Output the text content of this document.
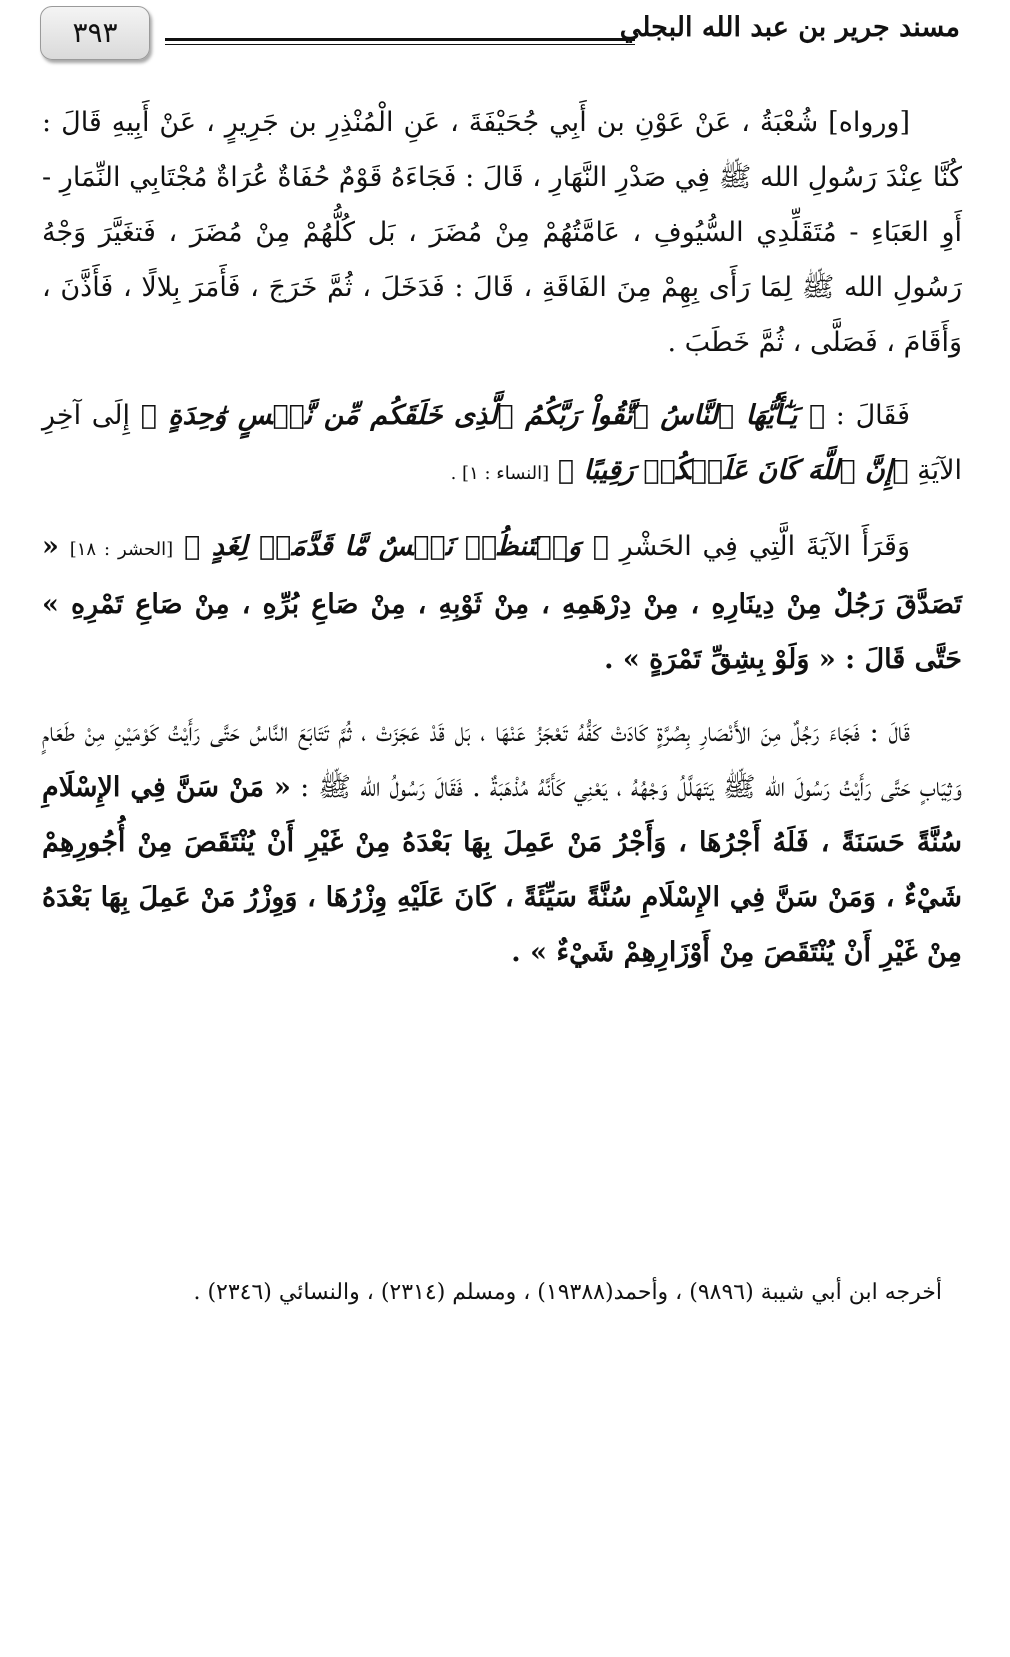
٣٩٣	مسند جرير بن عبد الله البجلي

[ورواه] شُعْبَةُ ، عَنْ عَوْنِ بن أَبِي جُحَيْفَةَ ، عَنِ الْمُنْذِرِ بن جَرِيرٍ ، عَنْ أَبِيهِ قَالَ : كُنَّا عِنْدَ رَسُولِ الله ﷺ فِي صَدْرِ النَّهَارِ ، قَالَ : فَجَاءَهُ قَوْمٌ حُفَاةٌ عُرَاةٌ مُجْتَابِي النِّمَارِ - أَوِ العَبَاءِ - مُتَقَلِّدِي السُّيُوفِ ، عَامَّتُهُمْ مِنْ مُضَرَ ، بَل كُلُّهُمْ مِنْ مُضَرَ ، فَتغَيَّرَ وَجْهُ رَسُولِ الله ﷺ لِمَا رَأَى بِهِمْ مِنَ الفَاقَةِ ، قَالَ : فَدَخَلَ ، ثُمَّ خَرَجَ ، فَأَمَرَ بِلالًا ، فَأَذَّنَ ، وَأَقَامَ ، فَصَلَّى ، ثُمَّ خَطَبَ .

فَقَالَ : ﴿ يَـٰٓأَيُّهَا ٱلنَّاسُ ٱتَّقُواْ رَبَّكُمُ ٱلَّذِى خَلَقَكُم مِّن نَّفۡسٍ وَٰحِدَةٍ ﴾ إِلَى آخِرِ الآيَةِ ﴿إِنَّ ٱللَّهَ كَانَ عَلَيۡكُمۡ رَقِيبًا ﴾ [النساء : ١] .

وَقَرَأَ الآيَةَ الَّتِي فِي الحَشْرِ ﴿ وَلۡتَنظُرۡ نَفۡسٌ مَّا قَدَّمَتۡ لِغَدٍ ﴾ [الحشر : ١٨] « تَصَدَّقَ رَجُلٌ مِنْ دِينَارِهِ ، مِنْ دِرْهَمِهِ ، مِنْ ثَوْبِهِ ، مِنْ صَاعِ بُرِّهِ ، مِنْ صَاعِ تَمْرِهِ » حَتَّى قَالَ : « وَلَوْ بِشِقِّ تَمْرَةٍ » .

قَالَ : فَجَاءَ رَجُلٌ مِنَ الأَنْصَارِ بِصُرَّةٍ كَادَتْ كَفُّهُ تَعْجَزُ عَنْهَا ، بَل قَدْ عَجَزَتْ ، ثُمَّ تَتَابَعَ النَّاسُ حَتَّى رَأَيْتُ كَوْمَيْنِ مِنْ طَعَامٍ وَثِيَابٍ حَتَّى رَأَيْتُ رَسُولَ الله ﷺ يَتَهَلَّلُ وَجْهُهُ ، يَعْنِي كَأَنَّهُ مُذْهَبَةٌ . فَقَالَ رَسُولُ الله ﷺ : « مَنْ سَنَّ فِي الإِسْلَامِ سُنَّةً حَسَنَةً ، فَلَهُ أَجْرُهَا ، وَأَجْرُ مَنْ عَمِلَ بِهَا بَعْدَهُ مِنْ غَيْرِ أَنْ يُنْتَقَصَ مِنْ أُجُورِهِمْ شَيْءٌ ، وَمَنْ سَنَّ فِي الإِسْلَامِ سُنَّةً سَيِّئَةً ، كَانَ عَلَيْهِ وِزْرُهَا ، وَوِزْرُ مَنْ عَمِلَ بِهَا بَعْدَهُ مِنْ غَيْرِ أَنْ يُنْتَقَصَ مِنْ أَوْزَارِهِمْ شَيْءٌ » .

أخرجه ابن أبي شيبة (٩٨٩٦) ، وأحمد(١٩٣٨٨) ، ومسلم (٢٣١٤) ، والنسائي (٢٣٤٦) .
